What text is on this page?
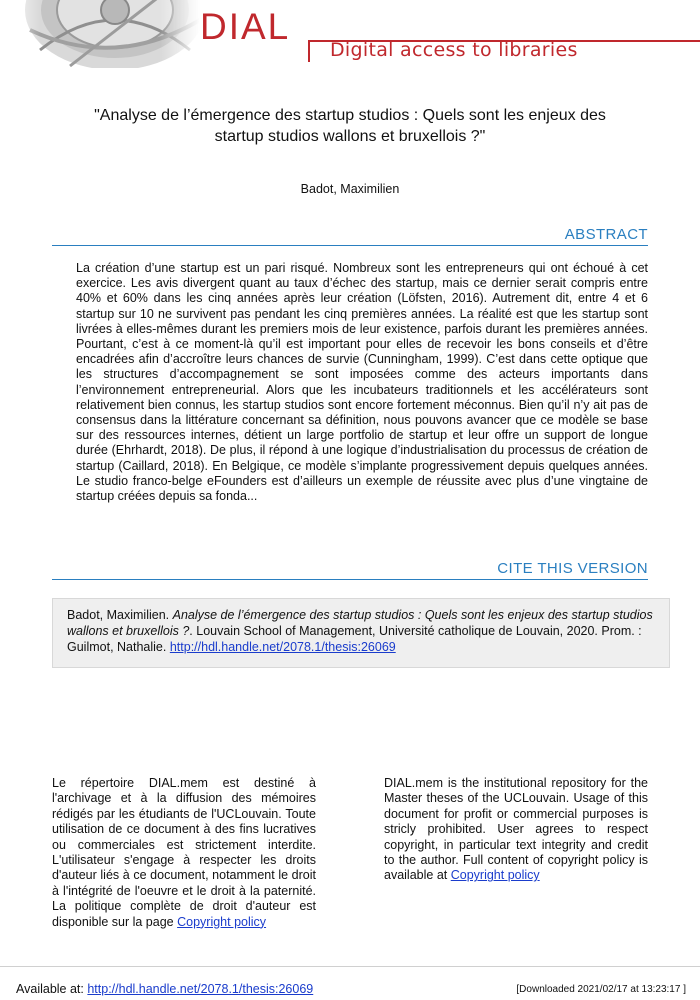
DIAL
Digital access to libraries
"Analyse de l’émergence des startup studios : Quels sont les enjeux des startup studios wallons et bruxellois ?"
Badot, Maximilien
ABSTRACT
La création d’une startup est un pari risqué. Nombreux sont les entrepreneurs qui ont échoué à cet exercice. Les avis divergent quant au taux d’échec des startup, mais ce dernier serait compris entre 40% et 60% dans les cinq années après leur création (Löfsten, 2016). Autrement dit, entre 4 et 6 startup sur 10 ne survivent pas pendant les cinq premières années. La réalité est que les startup sont livrées à elles-mêmes durant les premiers mois de leur existence, parfois durant les premières années. Pourtant, c’est à ce moment-là qu’il est important pour elles de recevoir les bons conseils et d’être encadrées afin d’accroître leurs chances de survie (Cunningham, 1999). C’est dans cette optique que les structures d’accompagnement se sont imposées comme des acteurs importants dans l’environnement entrepreneurial. Alors que les incubateurs traditionnels et les accélérateurs sont relativement bien connus, les startup studios sont encore fortement méconnus. Bien qu’il n’y ait pas de consensus dans la littérature concernant sa définition, nous pouvons avancer que ce modèle se base sur des ressources internes, détient un large portfolio de startup et leur offre un support de longue durée (Ehrhardt, 2018). De plus, il répond à une logique d’industrialisation du processus de création de startup (Caillard, 2018). En Belgique, ce modèle s’implante progressivement depuis quelques années. Le studio franco-belge eFounders est d’ailleurs un exemple de réussite avec plus d’une vingtaine de startup créées depuis sa fonda...
CITE THIS VERSION
Badot, Maximilien. Analyse de l’émergence des startup studios : Quels sont les enjeux des startup studios wallons et bruxellois ?. Louvain School of Management, Université catholique de Louvain, 2020. Prom. : Guilmot, Nathalie. http://hdl.handle.net/2078.1/thesis:26069
Le répertoire DIAL.mem est destiné à l'archivage et à la diffusion des mémoires rédigés par les étudiants de l'UCLouvain. Toute utilisation de ce document à des fins lucratives ou commerciales est strictement interdite. L'utilisateur s'engage à respecter les droits d'auteur liés à ce document, notamment le droit à l'intégrité de l'oeuvre et le droit à la paternité. La politique complète de droit d'auteur est disponible sur la page Copyright policy
DIAL.mem is the institutional repository for the Master theses of the UCLouvain. Usage of this document for profit or commercial purposes is stricly prohibited. User agrees to respect copyright, in particular text integrity and credit to the author. Full content of copyright policy is available at Copyright policy
Available at: http://hdl.handle.net/2078.1/thesis:26069	[Downloaded 2021/02/17 at 13:23:17 ]
